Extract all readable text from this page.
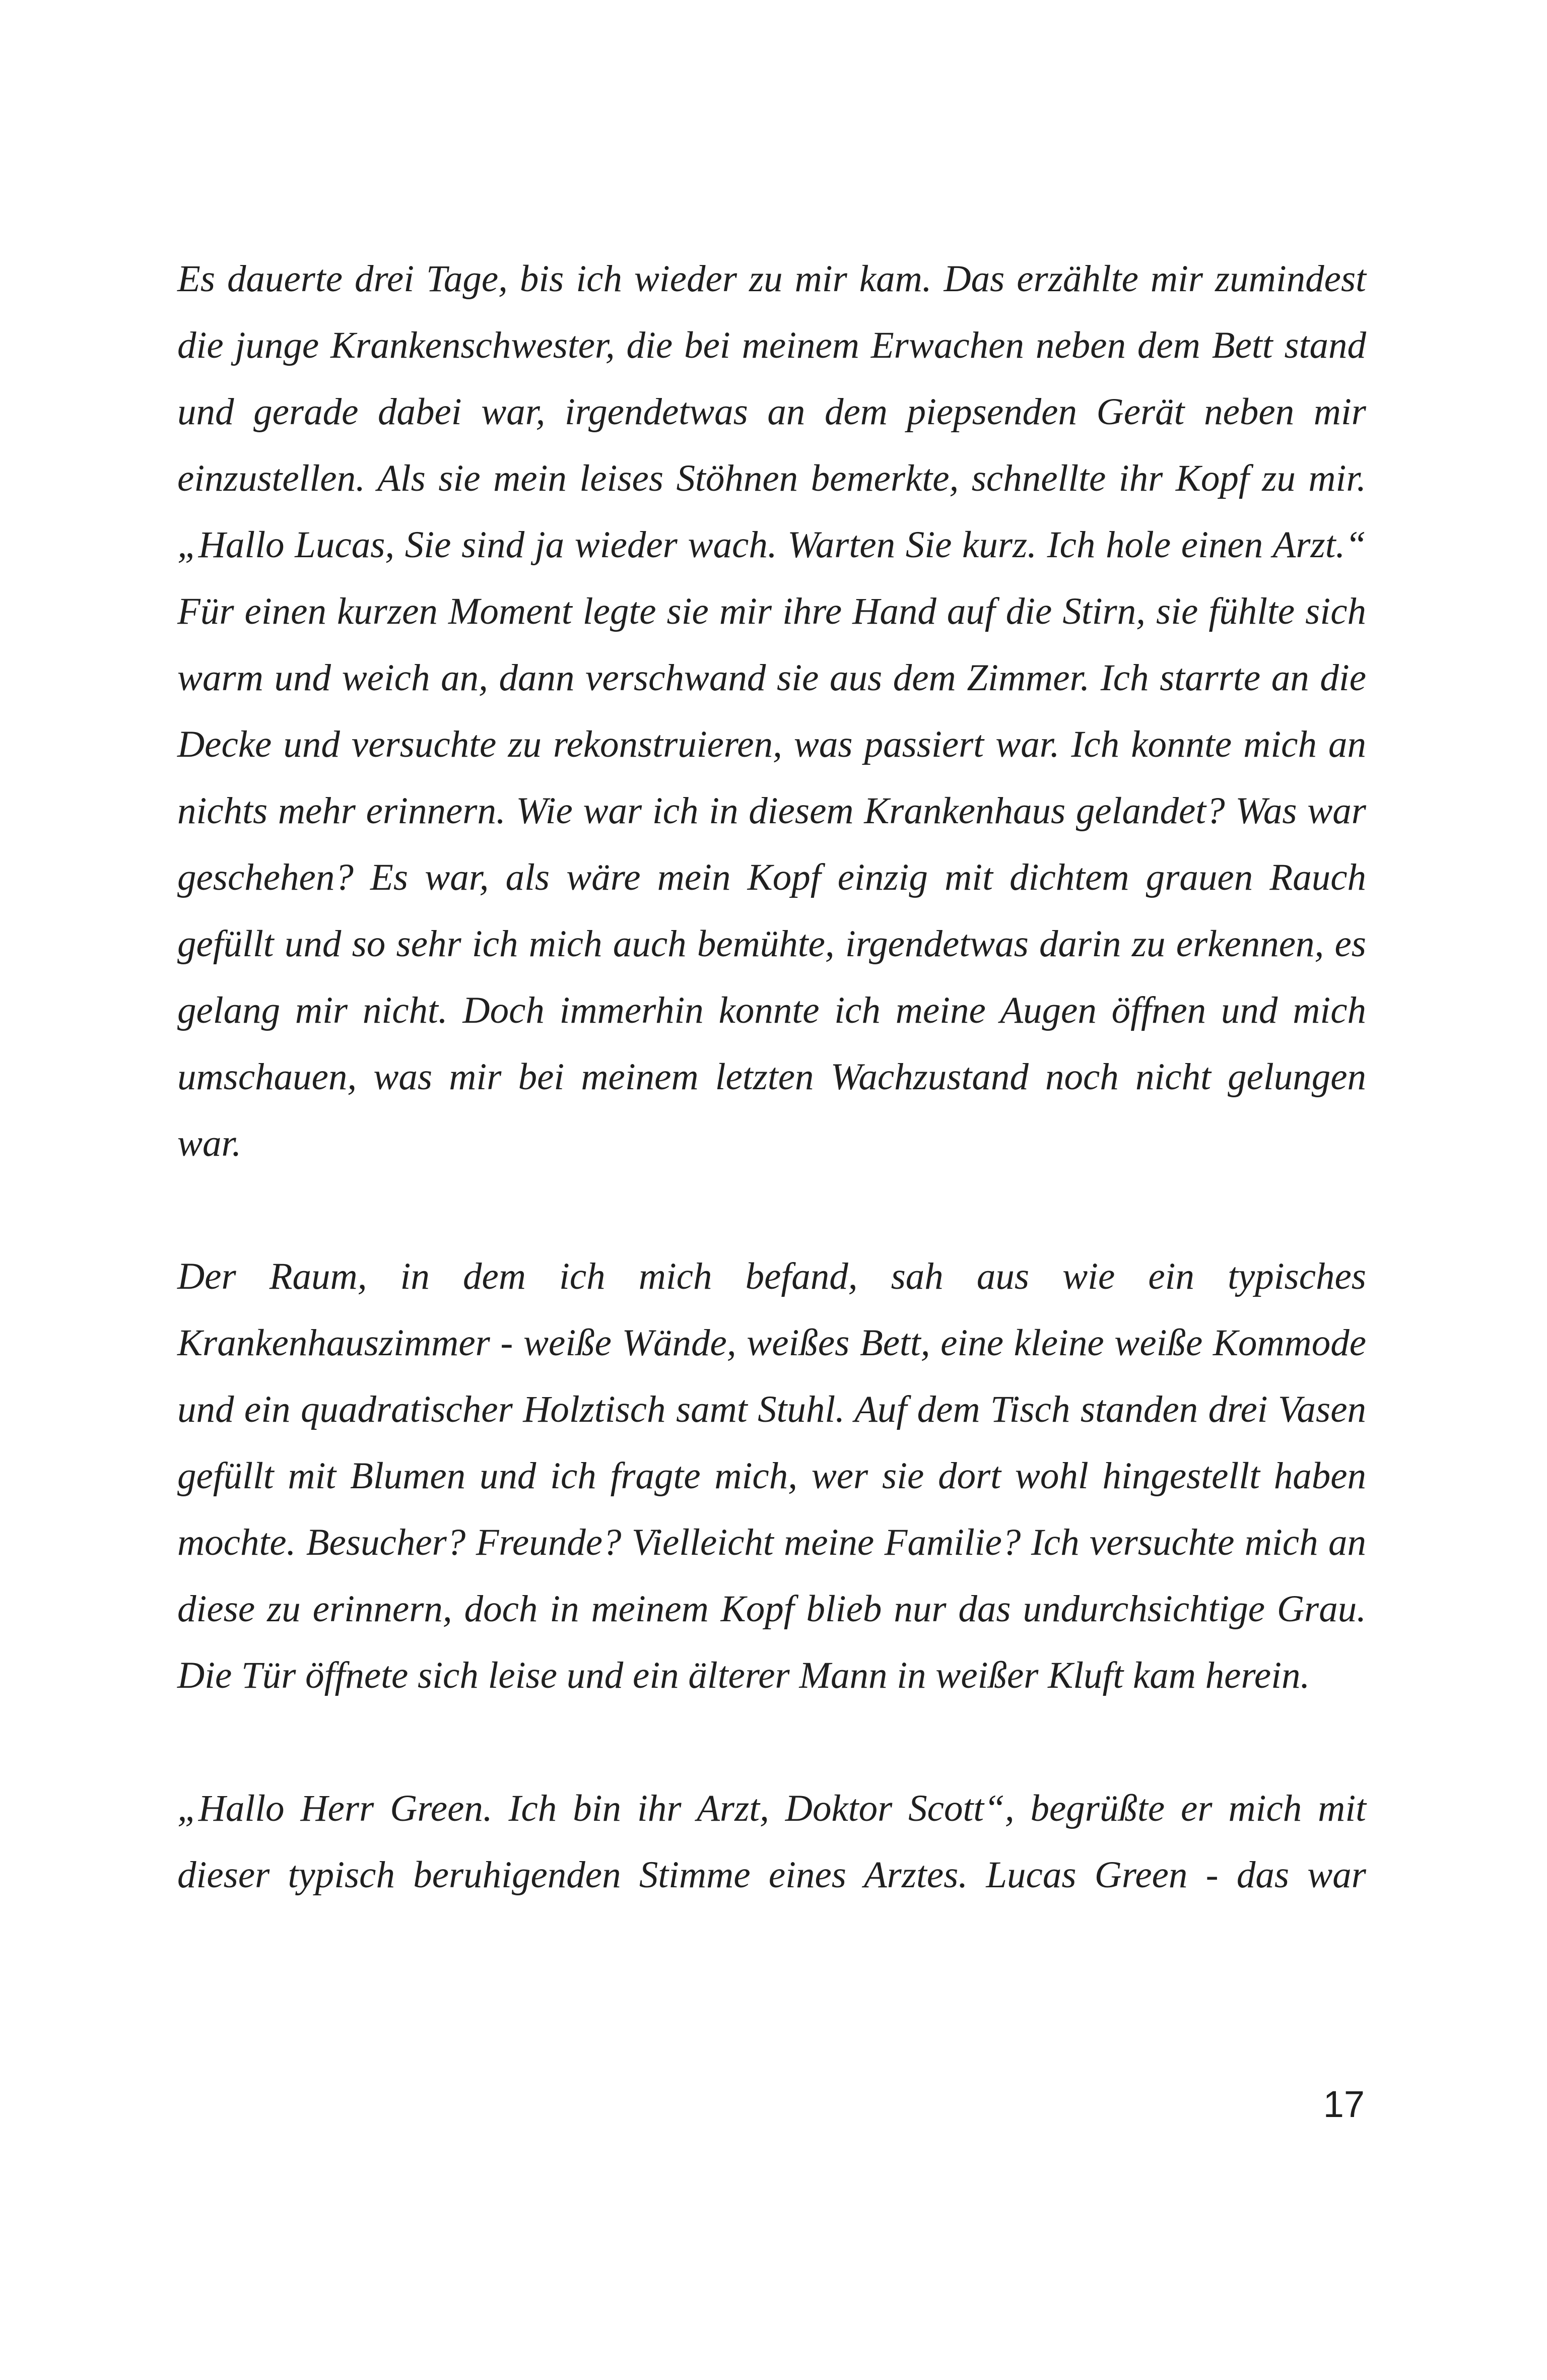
Es dauerte drei Tage, bis ich wieder zu mir kam. Das erzählte mir zumindest die junge Krankenschwester, die bei meinem Erwachen neben dem Bett stand und gerade dabei war, irgendetwas an dem piepsenden Gerät neben mir einzustellen. Als sie mein leises Stöhnen bemerkte, schnellte ihr Kopf zu mir. „Hallo Lucas, Sie sind ja wieder wach. Warten Sie kurz. Ich hole einen Arzt.“ Für einen kurzen Moment legte sie mir ihre Hand auf die Stirn, sie fühlte sich warm und weich an, dann verschwand sie aus dem Zimmer. Ich starrte an die Decke und versuchte zu rekonstruieren, was passiert war. Ich konnte mich an nichts mehr erinnern. Wie war ich in diesem Krankenhaus gelandet? Was war geschehen? Es war, als wäre mein Kopf einzig mit dichtem grauen Rauch gefüllt und so sehr ich mich auch bemühte, irgendetwas darin zu erkennen, es gelang mir nicht. Doch immerhin konnte ich meine Augen öffnen und mich umschauen, was mir bei meinem letzten Wachzustand noch nicht gelungen war.

Der Raum, in dem ich mich befand, sah aus wie ein typisches Krankenhauszimmer - weiße Wände, weißes Bett, eine kleine weiße Kommode und ein quadratischer Holztisch samt Stuhl. Auf dem Tisch standen drei Vasen gefüllt mit Blumen und ich fragte mich, wer sie dort wohl hingestellt haben mochte. Besucher? Freunde? Vielleicht meine Familie? Ich versuchte mich an diese zu erinnern, doch in meinem Kopf blieb nur das undurchsichtige Grau. Die Tür öffnete sich leise und ein älterer Mann in weißer Kluft kam herein.

„Hallo Herr Green. Ich bin ihr Arzt, Doktor Scott“, begrüßte er mich mit dieser typisch beruhigenden Stimme eines Arztes. Lucas Green - das war

17
